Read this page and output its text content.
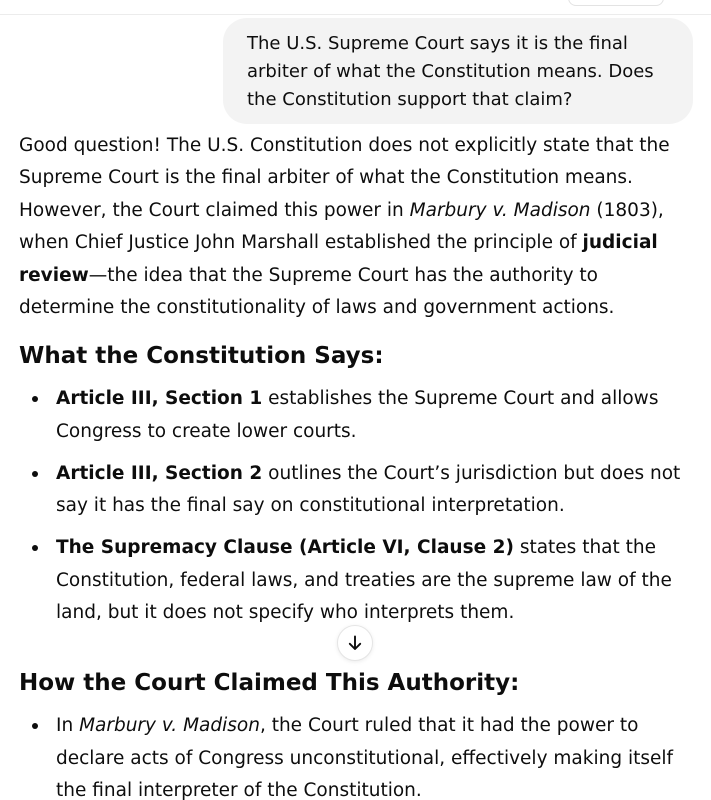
The U.S. Supreme Court says it is the final arbiter of what the Constitution means. Does the Constitution support that claim?

Good question! The U.S. Constitution does not explicitly state that the Supreme Court is the final arbiter of what the Constitution means. However, the Court claimed this power in Marbury v. Madison (1803), when Chief Justice John Marshall established the principle of judicial review—the idea that the Supreme Court has the authority to determine the constitutionality of laws and government actions.

What the Constitution Says:
Article III, Section 1 establishes the Supreme Court and allows Congress to create lower courts.
Article III, Section 2 outlines the Court’s jurisdiction but does not say it has the final say on constitutional interpretation.
The Supremacy Clause (Article VI, Clause 2) states that the Constitution, federal laws, and treaties are the supreme law of the land, but it does not specify who interprets them.
How the Court Claimed This Authority:
In Marbury v. Madison, the Court ruled that it had the power to declare acts of Congress unconstitutional, effectively making itself the final interpreter of the Constitution.
